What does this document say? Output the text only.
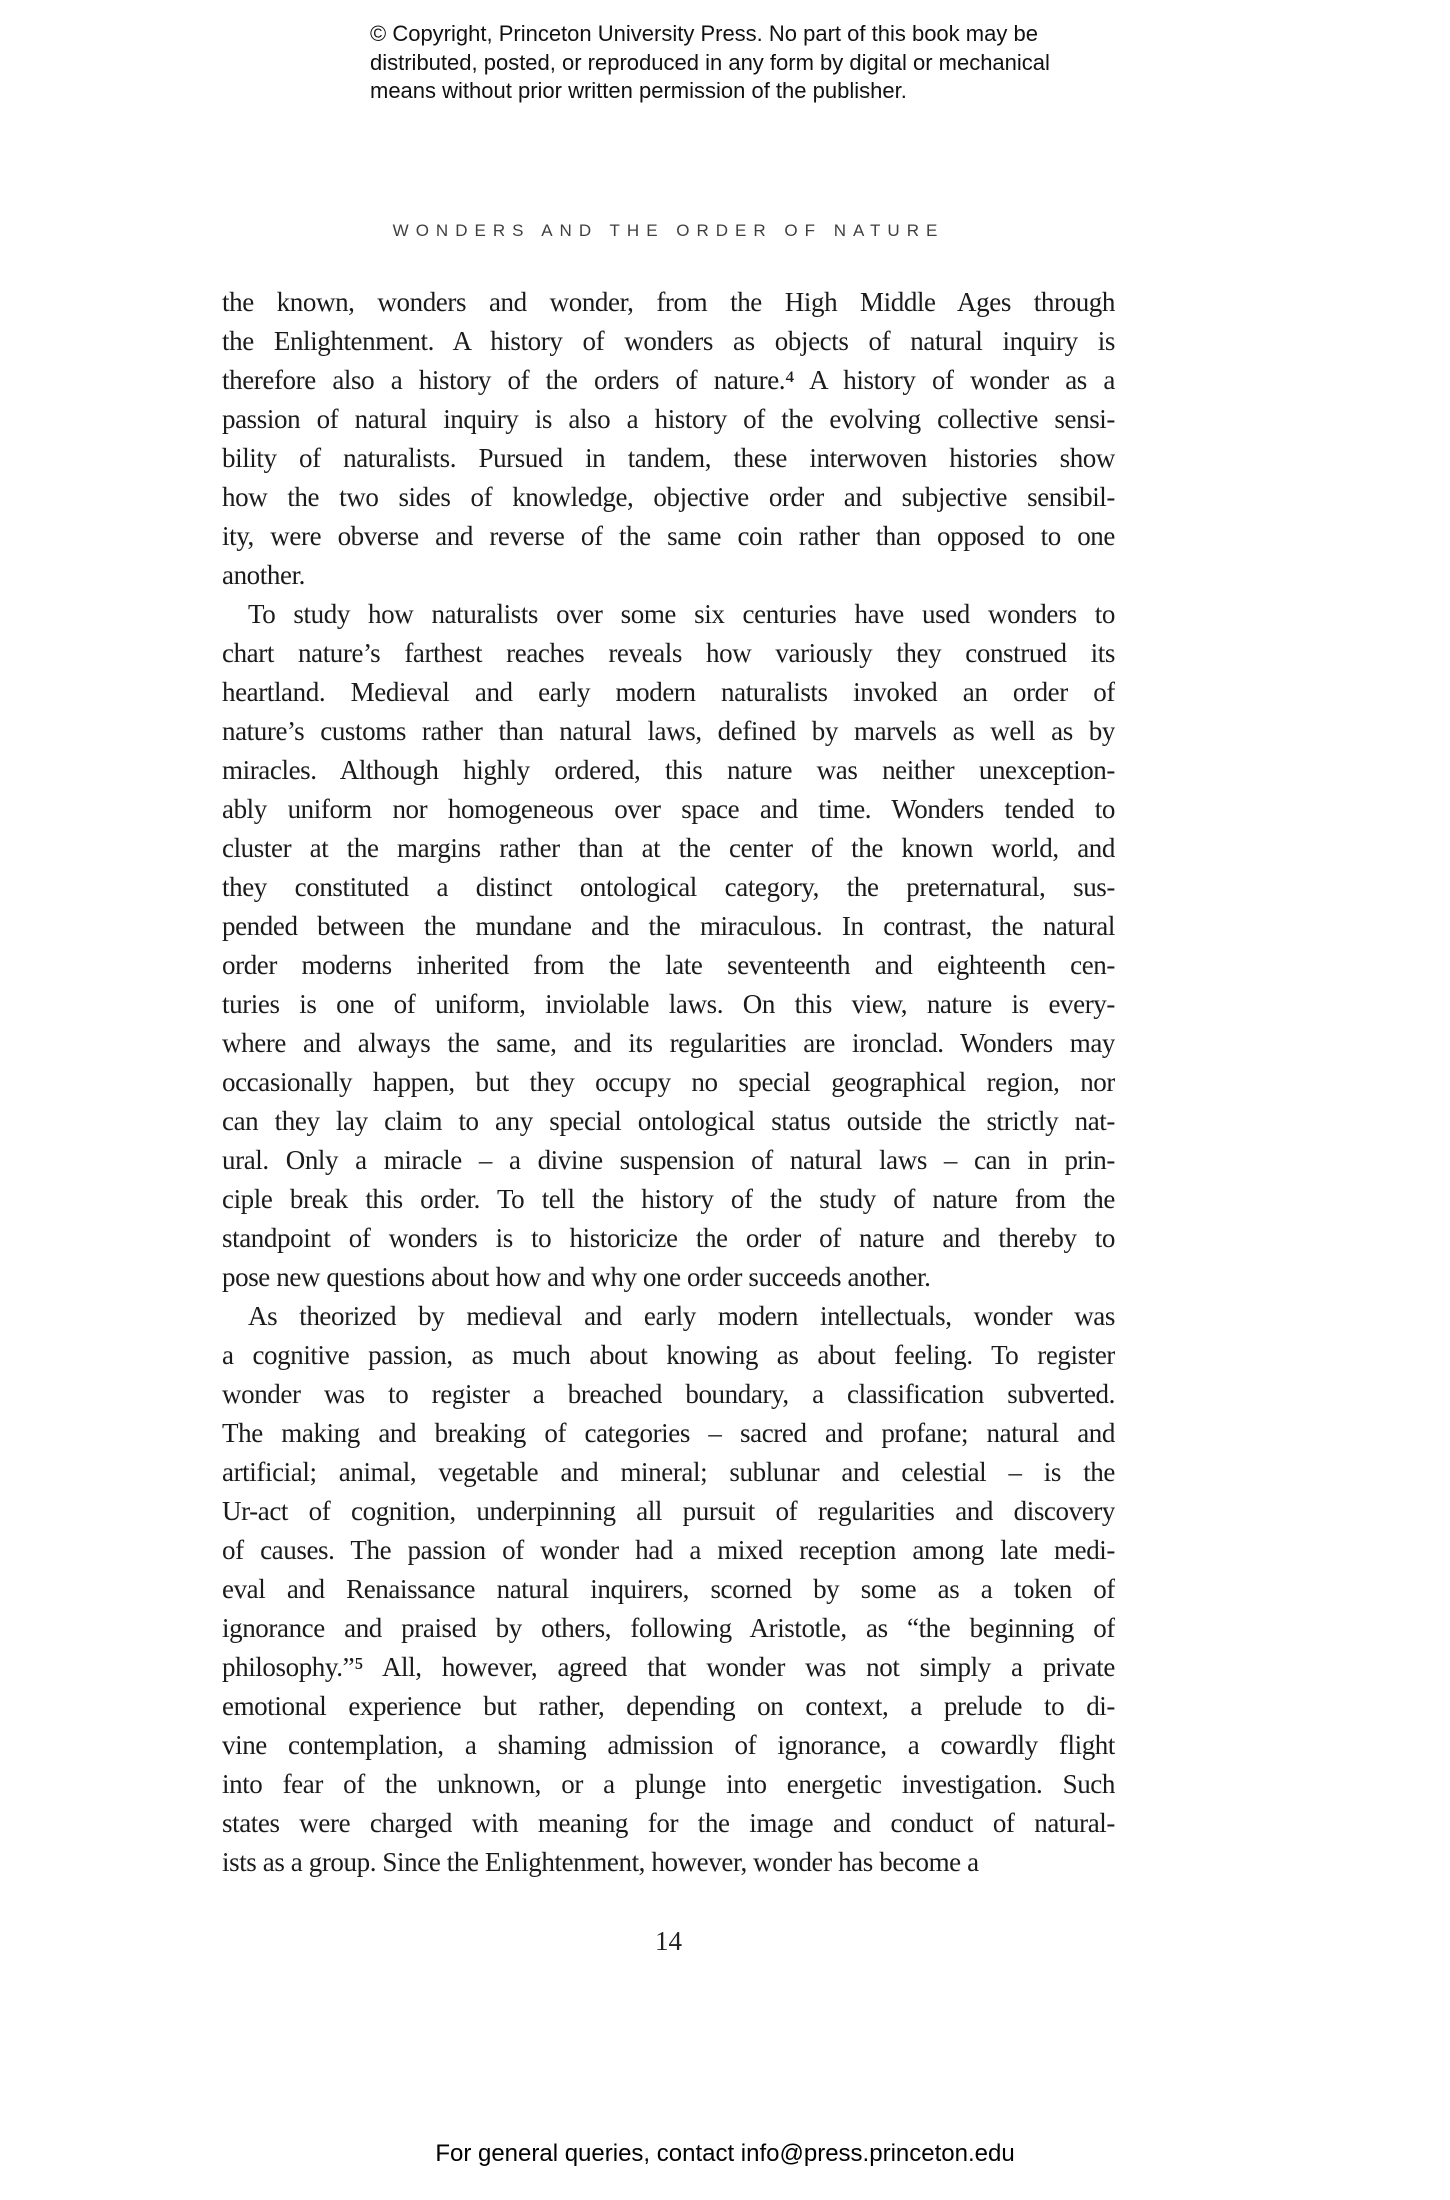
© Copyright, Princeton University Press. No part of this book may be
distributed, posted, or reproduced in any form by digital or mechanical
means without prior written permission of the publisher.
WONDERS AND THE ORDER OF NATURE
the known, wonders and wonder, from the High Middle Ages through
the Enlightenment. A history of wonders as objects of natural inquiry is
therefore also a history of the orders of nature.⁴ A history of wonder as a
passion of natural inquiry is also a history of the evolving collective sensi-
bility of naturalists. Pursued in tandem, these interwoven histories show
how the two sides of knowledge, objective order and subjective sensibil-
ity, were obverse and reverse of the same coin rather than opposed to one
another.
To study how naturalists over some six centuries have used wonders to
chart nature’s farthest reaches reveals how variously they construed its
heartland. Medieval and early modern naturalists invoked an order of
nature’s customs rather than natural laws, defined by marvels as well as by
miracles. Although highly ordered, this nature was neither unexception-
ably uniform nor homogeneous over space and time. Wonders tended to
cluster at the margins rather than at the center of the known world, and
they constituted a distinct ontological category, the preternatural, sus-
pended between the mundane and the miraculous. In contrast, the natural
order moderns inherited from the late seventeenth and eighteenth cen-
turies is one of uniform, inviolable laws. On this view, nature is every-
where and always the same, and its regularities are ironclad. Wonders may
occasionally happen, but they occupy no special geographical region, nor
can they lay claim to any special ontological status outside the strictly nat-
ural. Only a miracle – a divine suspension of natural laws – can in prin-
ciple break this order. To tell the history of the study of nature from the
standpoint of wonders is to historicize the order of nature and thereby to
pose new questions about how and why one order succeeds another.
As theorized by medieval and early modern intellectuals, wonder was
a cognitive passion, as much about knowing as about feeling. To register
wonder was to register a breached boundary, a classification subverted.
The making and breaking of categories – sacred and profane; natural and
artificial; animal, vegetable and mineral; sublunar and celestial – is the
Ur-act of cognition, underpinning all pursuit of regularities and discovery
of causes. The passion of wonder had a mixed reception among late medi-
eval and Renaissance natural inquirers, scorned by some as a token of
ignorance and praised by others, following Aristotle, as “the beginning of
philosophy.”⁵ All, however, agreed that wonder was not simply a private
emotional experience but rather, depending on context, a prelude to di-
vine contemplation, a shaming admission of ignorance, a cowardly flight
into fear of the unknown, or a plunge into energetic investigation. Such
states were charged with meaning for the image and conduct of natural-
ists as a group. Since the Enlightenment, however, wonder has become a
14
For general queries, contact info@press.princeton.edu
